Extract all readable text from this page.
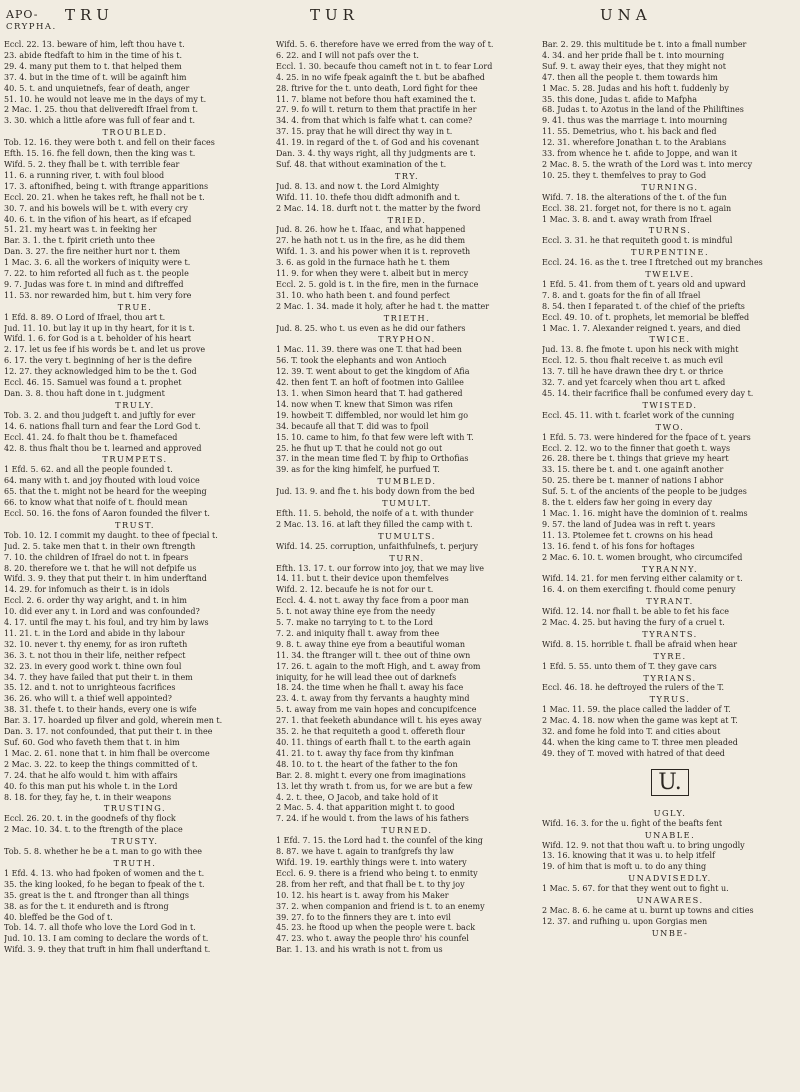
APO-
CRYPHA.
TRU	TUR	UNA
Eccl. 22. 13. beware of him, left thou have t.
23. abide ftedfaft to him in the time of his t.
29. 4. many put them to t. that helped them
37. 4. but in the time of t. will be againft him
40. 5. t. and unquietnefs, fear of death, anger
51. 10. he would not leave me in the days of my t.
2 Mac. 1. 25. thou that deliveredft Ifrael from t.
3. 30. which a little afore was full of fear and t.
TROUBLED.
Tob. 12. 16. they were both t. and fell on their faces
Efth. 15. 16. fhe fell down, then the king was t.
Wifd. 5. 2. they fhall be t. with terrible fear
11. 6. a running river, t. with foul blood
17. 3. aftonifhed, being t. with ftrange apparitions
Eccl. 20. 21. when he takes reft, he fhall not be t.
30. 7. and his bowels will be t. with every cry
40. 6. t. in the vifion of his heart, as if efcaped
51. 21. my heart was t. in feeking her
Bar. 3. 1. the t. fpirit crieth unto thee
Dan. 3. 27. the fire neither hurt nor t. them
1 Mac. 3. 6. all the workers of iniquity were t.
7. 22. to him reforted all fuch as t. the people
9. 7. Judas was fore t. in mind and diftreffed
11. 53. nor rewarded him, but t. him very fore
TRUE.
1 Efd. 8. 89. O Lord of Ifrael, thou art t.
Jud. 11. 10. but lay it up in thy heart, for it is t.
Wifd. 1. 6. for God is a t. beholder of his heart
2. 17. let us fee if his words be t. and let us prove
6. 17. the very t. beginning of her is the defire
12. 27. they acknowledged him to be the t. God
Eccl. 46. 15. Samuel was found a t. prophet
Dan. 3. 8. thou haft done in t. judgment
TRULY.
Tob. 3. 2. and thou judgeft t. and juftly for ever
14. 6. nations fhall turn and fear the Lord God t.
Eccl. 41. 24. fo fhalt thou be t. fhamefaced
42. 8. thus fhalt thou be t. learned and approved
TRUMPETS.
1 Efd. 5. 62. and all the people founded t.
64. many with t. and joy fhouted with loud voice
65. that the t. might not be heard for the weeping
66. to know what that noife of t. fhould mean
Eccl. 50. 16. the fons of Aaron founded the filver t.
TRUST.
Tob. 10. 12. I commit my daught. to thee of fpecial t.
Jud. 2. 5. take men that t. in their own ftrength
7. 10. the children of Ifrael do not t. in fpears
8. 20. therefore we t. that he will not defpife us
Wifd. 3. 9. they that put their t. in him underftand
14. 29. for infomuch as their t. is in idols
Eccl. 2. 6. order thy way aright, and t. in him
10. did ever any t. in Lord and was confounded?
4. 17. until fhe may t. his foul, and try him by laws
11. 21. t. in the Lord and abide in thy labour
32. 10. never t. thy enemy, for as iron rufteth
36. 3. t. not thou in their life, neither refpect
32. 23. in every good work t. thine own foul
34. 7. they have failed that put their t. in them
35. 12. and t. not to unrighteous facrifices
36. 26. who will t. a thief well appointed?
38. 31. thefe t. to their hands, every one is wife
Bar. 3. 17. hoarded up filver and gold, wherein men t.
Dan. 3. 17. not confounded, that put their t. in thee
Suf. 60. God who faveth them that t. in him
1 Mac. 2. 61. none that t. in him fhall be overcome
2 Mac. 3. 22. to keep the things committed of t.
7. 24. that he alfo would t. him with affairs
40. fo this man put his whole t. in the Lord
8. 18. for they, fay he, t. in their weapons
TRUSTING.
Eccl. 26. 20. t. in the goodnefs of thy flock
2 Mac. 10. 34. t. to the ftrength of the place
TRUSTY.
Tob. 5. 8. whether he be a t. man to go with thee
TRUTH.
1 Efd. 4. 13. who had fpoken of women and the t.
35. the king looked, fo he began to fpeak of the t.
35. great is the t. and ftronger than all things
38. as for the t. it endureth and is ftrong
40. bleffed be the God of t.
Tob. 14. 7. all thofe who love the Lord God in t.
Jud. 10. 13. I am coming to declare the words of t.
Wifd. 3. 9. they that truft in him fhall underftand t.
Wifd. 5. 6. therefore have we erred from the way of t.
6. 22. and I will not pafs over the t.
Eccl. 1. 30. becaufe thou cameft not in t. to fear Lord
4. 25. in no wife fpeak againft the t. but be abafhed
28. ftrive for the t. unto death, Lord fight for thee
11. 7. blame not before thou haft examined the t.
27. 9. fo will t. return to them that practife in her
34. 4. from that which is falfe what t. can come?
37. 15. pray that he will direct thy way in t.
41. 19. in regard of the t. of God and his covenant
Dan. 3. 4. thy ways right, all thy judgments are t.
Suf. 48. that without examination of the t.
TRY.
Jud. 8. 13. and now t. the Lord Almighty
Wifd. 11. 10. thefe thou didft admonifh and t.
2 Mac. 14. 18. durft not t. the matter by the fword
TRIED.
Jud. 8. 26. how he t. Ifaac, and what happened
27. he hath not t. us in the fire, as he did them
Wifd. 1. 3. and his power when it is t. reproveth
3. 6. as gold in the furnace hath he t. them
11. 9. for when they were t. albeit but in mercy
Eccl. 2. 5. gold is t. in the fire, men in the furnace
31. 10. who hath been t. and found perfect
2 Mac. 1. 34. made it holy, after he had t. the matter
TRIETH.
Jud. 8. 25. who t. us even as he did our fathers
TRYPHON.
1 Mac. 11. 39. there was one T. that had been
56. T. took the elephants and won Antioch
12. 39. T. went about to get the kingdom of Afia
42. then fent T. an hoft of footmen into Galilee
13. 1. when Simon heard that T. had gathered
14. now when T. knew that Simon was rifen
19. howbeit T. diffembled, nor would let him go
34. becaufe all that T. did was to fpoil
15. 10. came to him, fo that few were left with T.
25. he fhut up T. that he could not go out
37. in the mean time fled T. by fhip to Orthofias
39. as for the king himfelf, he purfued T.
TUMBLED.
Jud. 13. 9. and fhe t. his body down from the bed
TUMULT.
Efth. 11. 5. behold, the noife of a t. with thunder
2 Mac. 13. 16. at laft they filled the camp with t.
TUMULTS.
Wifd. 14. 25. corruption, unfaithfulnefs, t. perjury
TURN.
Efth. 13. 17. t. our forrow into joy, that we may live
14. 11. but t. their device upon themfelves
Wifd. 2. 12. becaufe he is not for our t.
Eccl. 4. 4. not t. away thy face from a poor man
5. t. not away thine eye from the needy
5. 7. make no tarrying to t. to the Lord
7. 2. and iniquity fhall t. away from thee
9. 8. t. away thine eye from a beautiful woman
11. 34. the ftranger will t. thee out of thine own
17. 26. t. again to the moft High, and t. away from
iniquity, for he will lead thee out of darknefs
18. 24. the time when he fhall t. away his face
23. 4. t. away from thy fervants a haughty mind
5. t. away from me vain hopes and concupifcence
27. 1. that feeketh abundance will t. his eyes away
35. 2. he that requiteth a good t. offereth flour
40. 11. things of earth fhall t. to the earth again
41. 21. to t. away thy face from thy kinfman
48. 10. to t. the heart of the father to the fon
Bar. 2. 8. might t. every one from imaginations
13. let thy wrath t. from us, for we are but a few
4. 2. t. thee, O Jacob, and take hold of it
2 Mac. 5. 4. that apparition might t. to good
7. 24. if he would t. from the laws of his fathers
TURNED.
1 Efd. 7. 15. the Lord had t. the counfel of the king
8. 87. we have t. again to tranfgrefs thy law
Wifd. 19. 19. earthly things were t. into watery
Eccl. 6. 9. there is a friend who being t. to enmity
28. from her reft, and that fhall be t. to thy joy
10. 12. his heart is t. away from his Maker
37. 2. when companion and friend is t. to an enemy
39. 27. fo to the finners they are t. into evil
45. 23. he ftood up when the people were t. back
47. 23. who t. away the people thro' his counfel
Bar. 1. 13. and his wrath is not t. from us
Bar. 2. 29. this multitude be t. into a fmall number
4. 34. and her pride fhall be t. into mourning
Suf. 9. t. away their eyes, that they might not
47. then all the people t. them towards him
1 Mac. 5. 28. Judas and his hoft t. fuddenly by
35. this done, Judas t. afide to Mafpha
68. Judas t. to Azotus in the land of the Philiftines
9. 41. thus was the marriage t. into mourning
11. 55. Demetrius, who t. his back and fled
12. 31. wherefore Jonathan t. to the Arabians
33. from whence he t. afide to Joppe, and wan it
2 Mac. 8. 5. the wrath of the Lord was t. into mercy
10. 25. they t. themfelves to pray to God
TURNING.
Wifd. 7. 18. the alterations of the t. of the fun
Eccl. 38. 21. forget not, for there is no t. again
1 Mac. 3. 8. and t. away wrath from Ifrael
TURNS.
Eccl. 3. 31. he that requiteth good t. is mindful
TURPENTINE.
Eccl. 24. 16. as the t. tree I ftretched out my branches
TWELVE.
1 Efd. 5. 41. from them of t. years old and upward
7. 8. and t. goats for the fin of all Ifrael
8. 54. then I feparated t. of the chief of the priefts
Eccl. 49. 10. of t. prophets, let memorial be bleffed
1 Mac. 1. 7. Alexander reigned t. years, and died
TWICE.
Jud. 13. 8. fhe fmote t. upon his neck with might
Eccl. 12. 5. thou fhalt receive t. as much evil
13. 7. till he have drawn thee dry t. or thrice
32. 7. and yet fcarcely when thou art t. afked
45. 14. their facrifice fhall be confumed every day t.
TWISTED.
Eccl. 45. 11. with t. fcarlet work of the cunning
TWO.
1 Efd. 5. 73. were hindered for the fpace of t. years
Eccl. 2. 12. wo to the finner that goeth t. ways
26. 28. there be t. things that grieve my heart
33. 15. there be t. and t. one againft another
50. 25. there be t. manner of nations I abhor
Suf. 5. t. of the ancients of the people to be judges
8. the t. elders faw her going in every day
1 Mac. 1. 16. might have the dominion of t. realms
9. 57. the land of Judea was in reft t. years
11. 13. Ptolemee fet t. crowns on his head
13. 16. fend t. of his fons for hoftages
2 Mac. 6. 10. t. women brought, who circumcifed
TYRANNY.
Wifd. 14. 21. for men ferving either calamity or t.
16. 4. on them exercifing t. fhould come penury
TYRANT.
Wifd. 12. 14. nor fhall t. be able to fet his face
2 Mac. 4. 25. but having the fury of a cruel t.
TYRANTS.
Wifd. 8. 15. horrible t. fhall be afraid when hear
TYRE.
1 Efd. 5. 55. unto them of T. they gave cars
TYRIANS.
Eccl. 46. 18. he deftroyed the rulers of the T.
TYRUS.
1 Mac. 11. 59. the place called the ladder of T.
2 Mac. 4. 18. now when the game was kept at T.
32. and fome he fold into T. and cities about
44. when the king came to T. three men pleaded
49. they of T. moved with hatred of that deed
U.
UGLY.
Wifd. 16. 3. for the u. fight of the beafts fent
UNABLE.
Wifd. 12. 9. not that thou waft u. to bring ungodly
13. 16. knowing that it was u. to help itfelf
19. of him that is moft u. to do any thing
UNADVISEDLY.
1 Mac. 5. 67. for that they went out to fight u.
UNAWARES.
2 Mac. 8. 6. he came at u. burnt up towns and cities
12. 37. and rufhing u. upon Gorgias men
UNBE-
